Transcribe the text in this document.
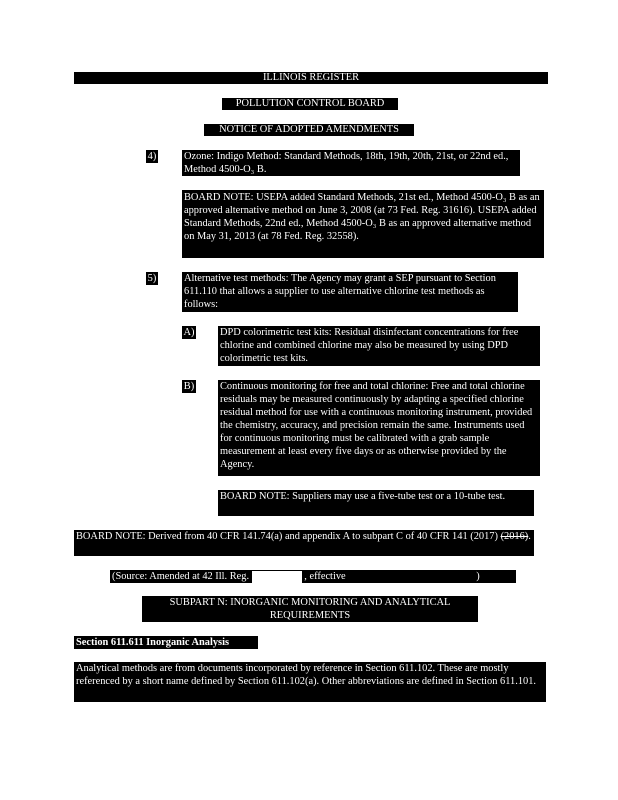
ILLINOIS REGISTER
POLLUTION CONTROL BOARD
NOTICE OF ADOPTED AMENDMENTS
4)	Ozone: Indigo Method: Standard Methods, 18th, 19th, 20th, 21st, or 22nd ed., Method 4500-O₃ B.
BOARD NOTE: USEPA added Standard Methods, 21st ed., Method 4500-O₃ B as an approved alternative method on June 3, 2008 (at 73 Fed. Reg. 31616). USEPA added Standard Methods, 22nd ed., Method 4500-O₃ B as an approved alternative method on May 31, 2013 (at 78 Fed. Reg. 32558).
5)	Alternative test methods: The Agency may grant a SEP pursuant to Section 611.110 that allows a supplier to use alternative chlorine test methods as follows:
A) DPD colorimetric test kits: Residual disinfectant concentrations for free chlorine and combined chlorine may also be measured by using DPD colorimetric test kits.
B) Continuous monitoring for free and total chlorine: Free and total chlorine residuals may be measured continuously by adapting a specified chlorine residual method for use with a continuous monitoring instrument, provided the chemistry, accuracy, and precision remain the same. Instruments used for continuous monitoring must be calibrated with a grab sample measurement at least every five days or as otherwise provided by the Agency.
BOARD NOTE: Suppliers may use a five-tube test or a 10-tube test.
BOARD NOTE: Derived from 40 CFR 141.74(a) and appendix A to subpart C of 40 CFR 141 (2017) (2016).
(Source: Amended at 42 Ill. Reg.	, effective	)
SUBPART N: INORGANIC MONITORING AND ANALYTICAL
REQUIREMENTS
Section 611.611 Inorganic Analysis
Analytical methods are from documents incorporated by reference in Section 611.102. These are mostly referenced by a short name defined by Section 611.102(a). Other abbreviations are defined in Section 611.101.
